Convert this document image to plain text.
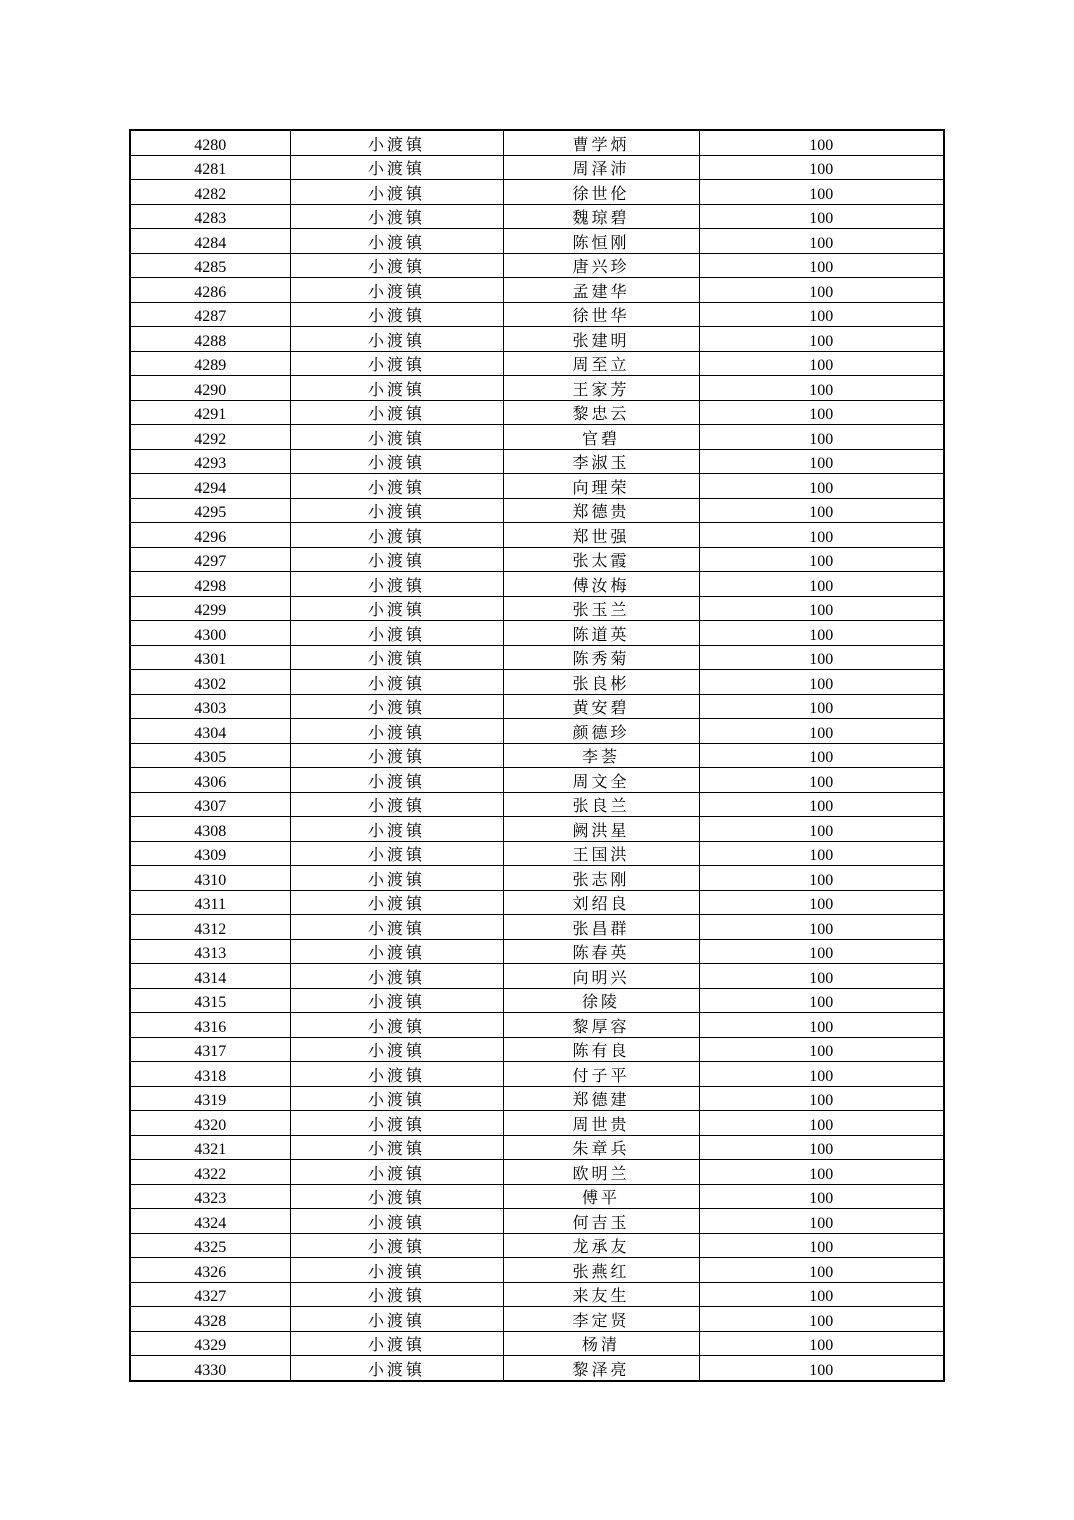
4280	小渡镇	曹学炳	100
4281	小渡镇	周泽沛	100
4282	小渡镇	徐世伦	100
4283	小渡镇	魏琼碧	100
4284	小渡镇	陈恒刚	100
4285	小渡镇	唐兴珍	100
4286	小渡镇	孟建华	100
4287	小渡镇	徐世华	100
4288	小渡镇	张建明	100
4289	小渡镇	周至立	100
4290	小渡镇	王家芳	100
4291	小渡镇	黎忠云	100
4292	小渡镇	官碧	100
4293	小渡镇	李淑玉	100
4294	小渡镇	向理荣	100
4295	小渡镇	郑德贵	100
4296	小渡镇	郑世强	100
4297	小渡镇	张太霞	100
4298	小渡镇	傅汝梅	100
4299	小渡镇	张玉兰	100
4300	小渡镇	陈道英	100
4301	小渡镇	陈秀菊	100
4302	小渡镇	张良彬	100
4303	小渡镇	黄安碧	100
4304	小渡镇	颜德珍	100
4305	小渡镇	李荟	100
4306	小渡镇	周文全	100
4307	小渡镇	张良兰	100
4308	小渡镇	阙洪星	100
4309	小渡镇	王国洪	100
4310	小渡镇	张志刚	100
4311	小渡镇	刘绍良	100
4312	小渡镇	张昌群	100
4313	小渡镇	陈春英	100
4314	小渡镇	向明兴	100
4315	小渡镇	徐陵	100
4316	小渡镇	黎厚容	100
4317	小渡镇	陈有良	100
4318	小渡镇	付子平	100
4319	小渡镇	郑德建	100
4320	小渡镇	周世贵	100
4321	小渡镇	朱章兵	100
4322	小渡镇	欧明兰	100
4323	小渡镇	傅平	100
4324	小渡镇	何吉玉	100
4325	小渡镇	龙承友	100
4326	小渡镇	张燕红	100
4327	小渡镇	来友生	100
4328	小渡镇	李定贤	100
4329	小渡镇	杨清	100
4330	小渡镇	黎泽亮	100
